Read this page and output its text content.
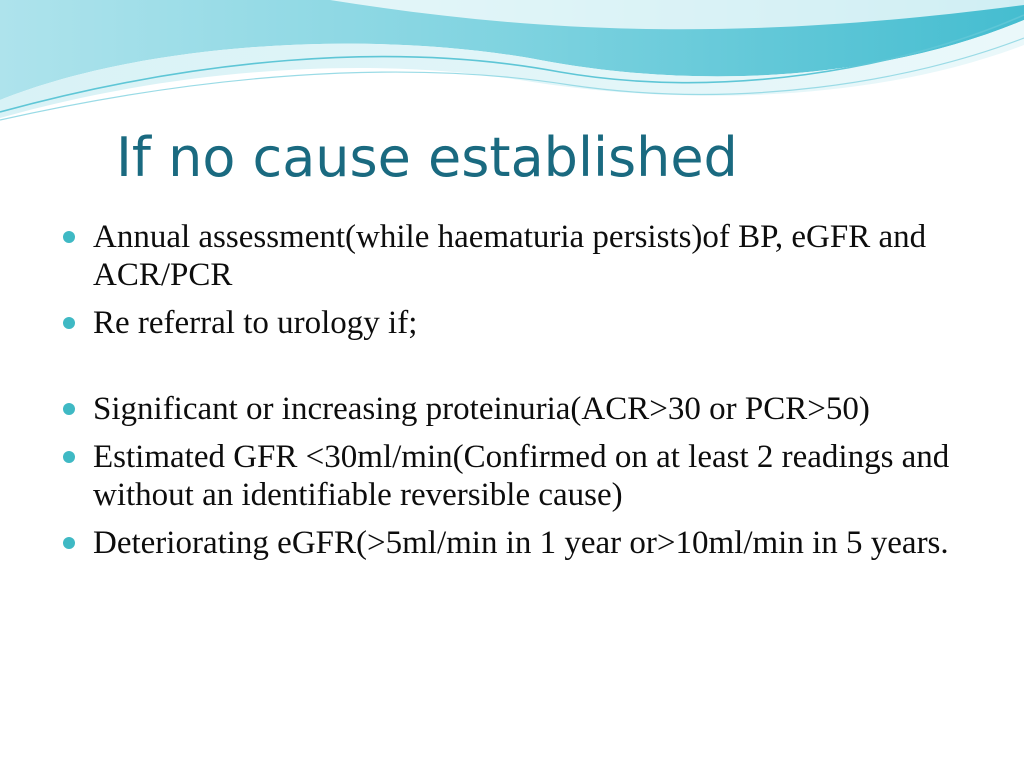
If no cause established
Annual assessment(while haematuria persists)of BP, eGFR and ACR/PCR
Re referral to urology if;
Significant or increasing proteinuria(ACR>30 or PCR>50)
Estimated GFR <30ml/min(Confirmed on at least 2 readings and without an identifiable reversible cause)
Deteriorating eGFR(>5ml/min in 1 year or>10ml/min in 5 years.
